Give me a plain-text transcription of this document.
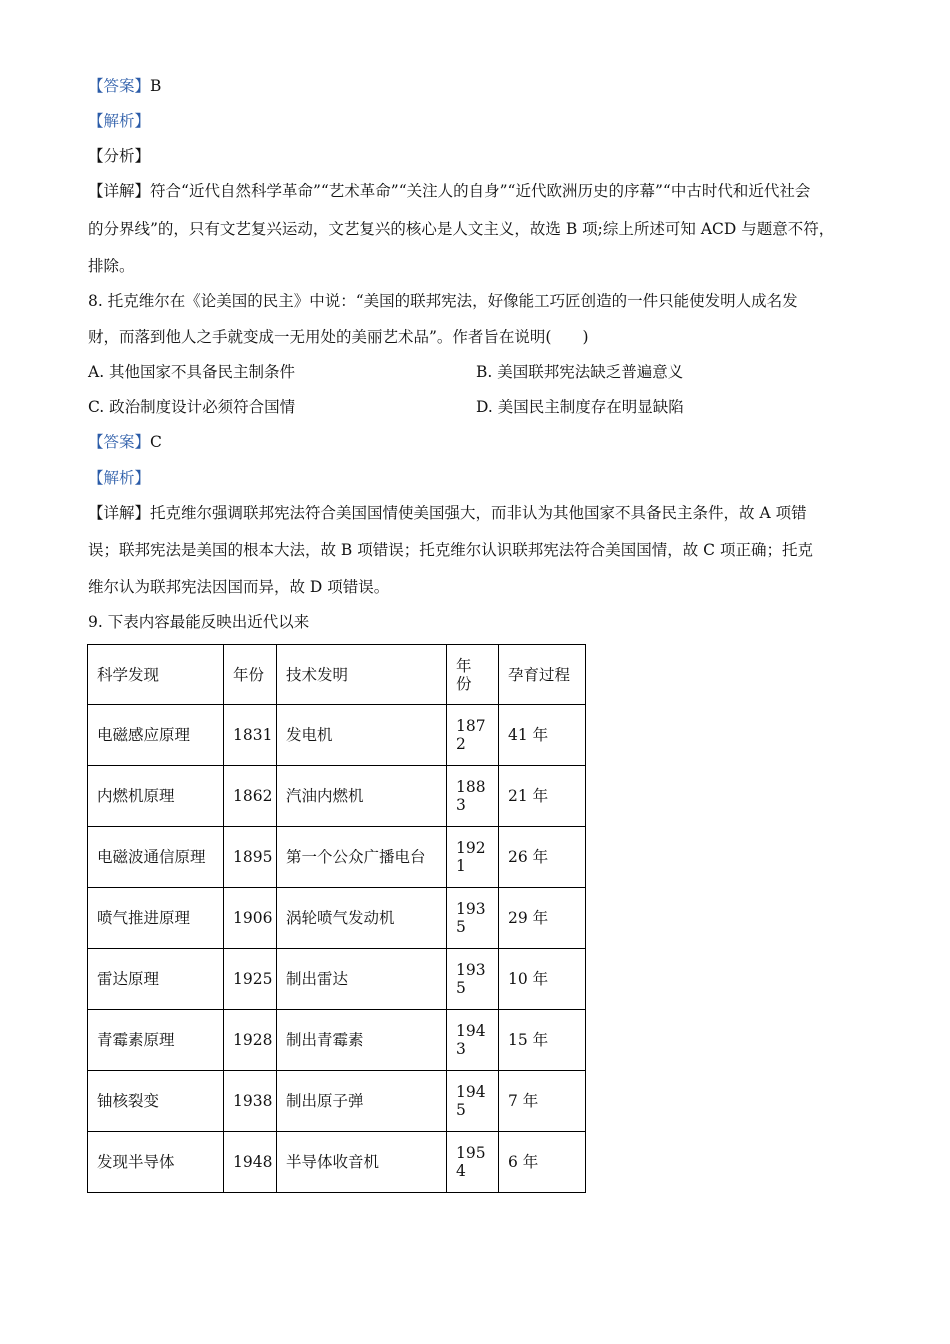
【答案】B
【解析】
【分析】
【详解】符合“近代自然科学革命”“艺术革命”“关注人的自身”“近代欧洲历史的序幕”“中古时代和近代社会
的分界线”的，只有文艺复兴运动，文艺复兴的核心是人文主义，故选 B 项;综上所述可知 ACD 与题意不符，
排除。
8. 托克维尔在《论美国的民主》中说：“美国的联邦宪法，好像能工巧匠创造的一件只能使发明人成名发
财，而落到他人之手就变成一无用处的美丽艺术品”。作者旨在说明(　　)
A. 其他国家不具备民主制条件	B. 美国联邦宪法缺乏普遍意义
C. 政治制度设计必须符合国情	D. 美国民主制度存在明显缺陷
【答案】C
【解析】
【详解】托克维尔强调联邦宪法符合美国国情使美国强大，而非认为其他国家不具备民主条件，故 A 项错
误；联邦宪法是美国的根本大法，故 B 项错误；托克维尔认识联邦宪法符合美国国情，故 C 项正确；托克
维尔认为联邦宪法因国而异，故 D 项错误。
9. 下表内容最能反映出近代以来
科学发现	年份	技术发明	年份	孕育过程
电磁感应原理	1831	发电机	1872	41 年
内燃机原理	1862	汽油内燃机	1883	21 年

电磁波通信原理	1895	第一个公众广播电台	1921	26 年
喷气推进原理	1906	涡轮喷气发动机	1935	29 年
雷达原理	1925	制出雷达	1935	10 年
青霉素原理	1928	制出青霉素	1943	15 年
铀核裂变	1938	制出原子弹	1945	7 年
发现半导体	1948	半导体收音机	1954	6 年
